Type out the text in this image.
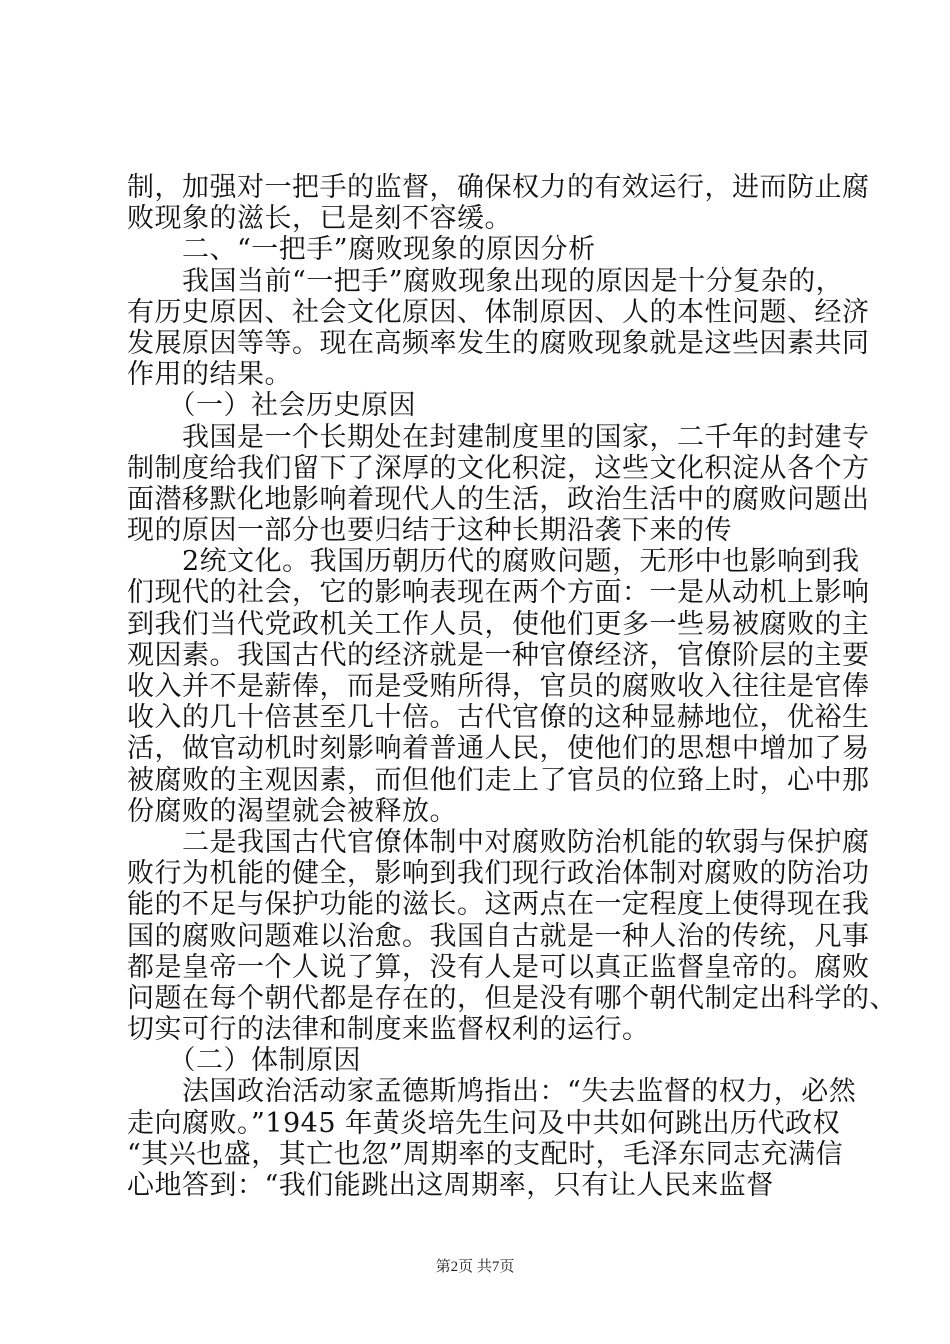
制，加强对一把手的监督，确保权力的有效运行，进而防止腐
败现象的滋长，已是刻不容缓。
　　二、“一把手”腐败现象的原因分析
　　我国当前“一把手”腐败现象出现的原因是十分复杂的，
有历史原因、社会文化原因、体制原因、人的本性问题、经济
发展原因等等。现在高频率发生的腐败现象就是这些因素共同
作用的结果。
　　（一）社会历史原因
　　我国是一个长期处在封建制度里的国家，二千年的封建专
制制度给我们留下了深厚的文化积淀，这些文化积淀从各个方
面潜移默化地影响着现代人的生活，政治生活中的腐败问题出
现的原因一部分也要归结于这种长期沿袭下来的传
　　2统文化。我国历朝历代的腐败问题，无形中也影响到我
们现代的社会，它的影响表现在两个方面：一是从动机上影响
到我们当代党政机关工作人员，使他们更多一些易被腐败的主
观因素。我国古代的经济就是一种官僚经济，官僚阶层的主要
收入并不是薪俸，而是受贿所得，官员的腐败收入往往是官俸
收入的几十倍甚至几十倍。古代官僚的这种显赫地位，优裕生
活，做官动机时刻影响着普通人民，使他们的思想中增加了易
被腐败的主观因素，而但他们走上了官员的位臵上时，心中那
份腐败的渴望就会被释放。
　　二是我国古代官僚体制中对腐败防治机能的软弱与保护腐
败行为机能的健全，影响到我们现行政治体制对腐败的防治功
能的不足与保护功能的滋长。这两点在一定程度上使得现在我
国的腐败问题难以治愈。我国自古就是一种人治的传统，凡事
都是皇帝一个人说了算，没有人是可以真正监督皇帝的。腐败
问题在每个朝代都是存在的，但是没有哪个朝代制定出科学的、
切实可行的法律和制度来监督权利的运行。
　　（二）体制原因
　　法国政治活动家孟德斯鸠指出：“失去监督的权力，必然
走向腐败。”1945 年黄炎培先生问及中共如何跳出历代政权
“其兴也盛，其亡也忽”周期率的支配时，毛泽东同志充满信
心地答到：“我们能跳出这周期率，只有让人民来监督
第2页 共7页
